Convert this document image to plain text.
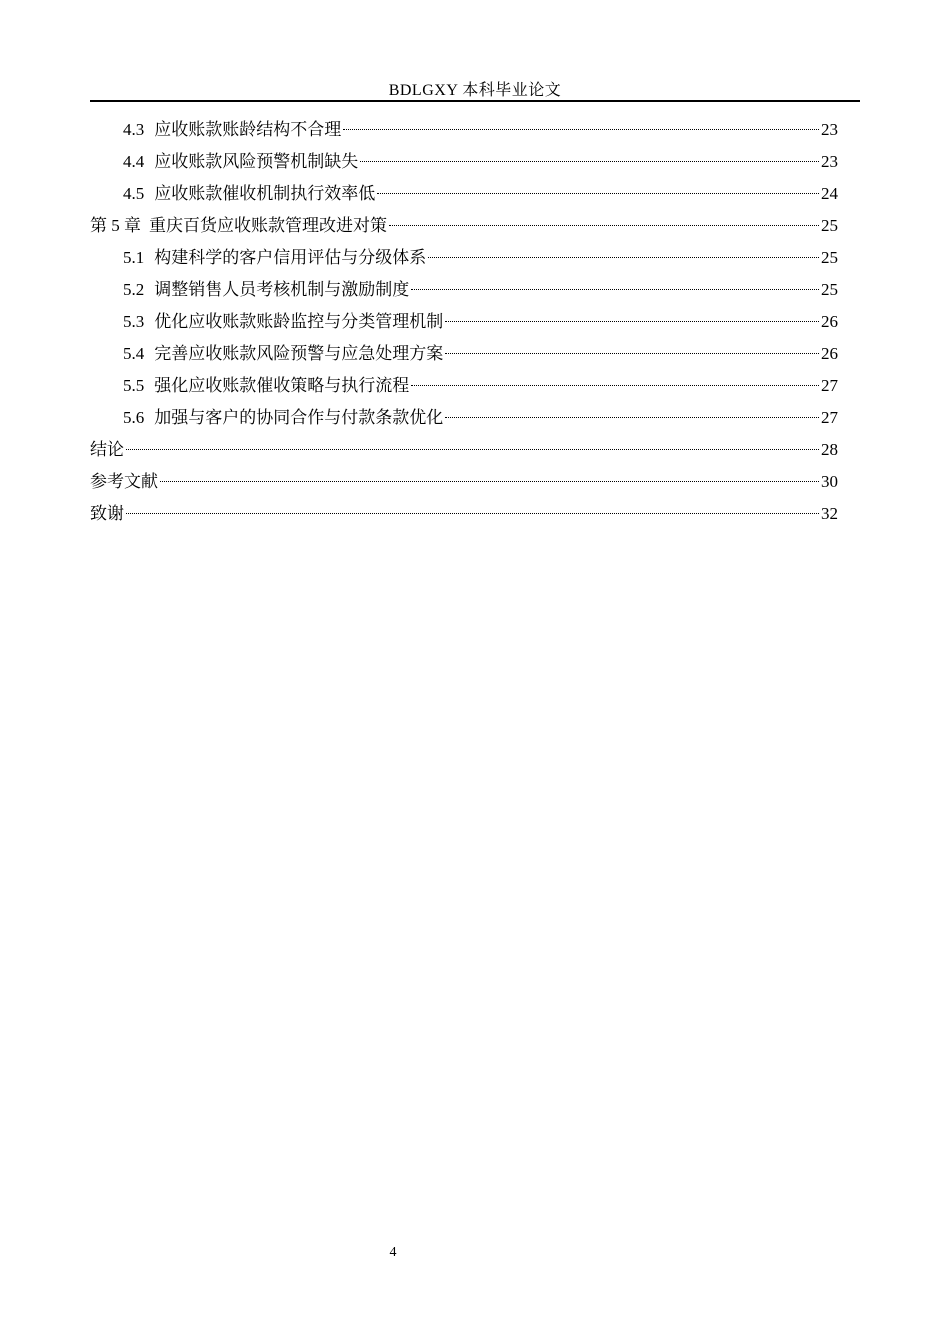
BDLGXY 本科毕业论文
4.3 应收账款账龄结构不合理	23
4.4 应收账款风险预警机制缺失	23
4.5 应收账款催收机制执行效率低	24
第 5 章 重庆百货应收账款管理改进对策	25
5.1 构建科学的客户信用评估与分级体系	25
5.2 调整销售人员考核机制与激励制度	25
5.3 优化应收账款账龄监控与分类管理机制	26
5.4 完善应收账款风险预警与应急处理方案	26
5.5 强化应收账款催收策略与执行流程	27
5.6 加强与客户的协同合作与付款条款优化	27
结论	28
参考文献	30
致谢	32
4
